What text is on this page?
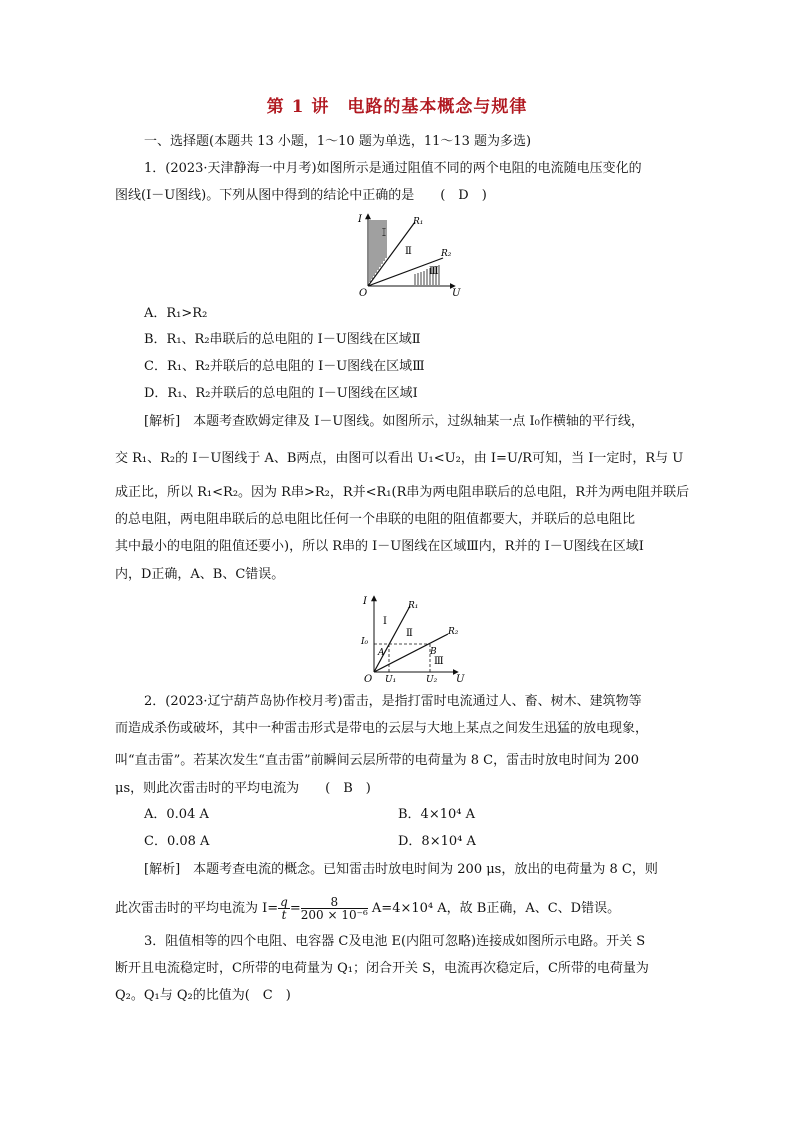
第 1 讲　电路的基本概念与规律
一、选择题(本题共 13 小题，1～10 题为单选，11～13 题为多选)
1．(2023·天津静海一中月考)如图所示是通过阻值不同的两个电阻的电流随电压变化的
图线(I－U图线)。下列从图中得到的结论中正确的是　　(　D　)
I
U
O
R₁
R₂
Ⅰ
Ⅱ
Ⅲ
A．R₁>R₂
B．R₁、R₂串联后的总电阻的 I－U图线在区域Ⅱ
C．R₁、R₂并联后的总电阻的 I－U图线在区域Ⅲ
D．R₁、R₂并联后的总电阻的 I－U图线在区域Ⅰ
[解析]　本题考查欧姆定律及 I－U图线。如图所示，过纵轴某一点 I₀作横轴的平行线，
交 R₁、R₂的 I－U图线于 A、B两点，由图可以看出 U₁<U₂，由 I=U/R可知，当 I一定时，R与 U
成正比，所以 R₁<R₂。因为 R串>R₂，R并<R₁(R串为两电阻串联后的总电阻，R并为两电阻并联后
的总电阻，两电阻串联后的总电阻比任何一个串联的电阻的阻值都要大，并联后的总电阻比
其中最小的电阻的阻值还要小)，所以 R串的 I－U图线在区域Ⅲ内，R并的 I－U图线在区域Ⅰ
内，D正确，A、B、C错误。
I
U
O
R₁
R₂
I₀
A	B
U₁	U₂
Ⅰ
Ⅱ
Ⅲ
2．(2023·辽宁葫芦岛协作校月考)雷击，是指打雷时电流通过人、畜、树木、建筑物等
而造成杀伤或破坏，其中一种雷击形式是带电的云层与大地上某点之间发生迅猛的放电现象，
叫“直击雷”。若某次发生“直击雷”前瞬间云层所带的电荷量为 8 C，雷击时放电时间为 200
μs，则此次雷击时的平均电流为　　(　B　)
A．0.04 A	B．4×10⁴ A
C．0.08 A	D．8×10⁴ A
[解析]　本题考查电流的概念。已知雷击时放电时间为 200 μs，放出的电荷量为 8 C，则
此次雷击时的平均电流为 $I= \frac{q}{t} = \frac{8}{\text{200 × 10⁻⁶}} A=4\times 10^4$ A，故 B正确，A、C、D错误。
3．阻值相等的四个电阻、电容器 C及电池 E(内阻可忽略)连接成如图所示电路。开关 S
断开且电流稳定时，C所带的电荷量为 Q₁；闭合开关 S，电流再次稳定后，C所带的电荷量为
Q₂。Q₁与 Q₂的比值为(　C　)
